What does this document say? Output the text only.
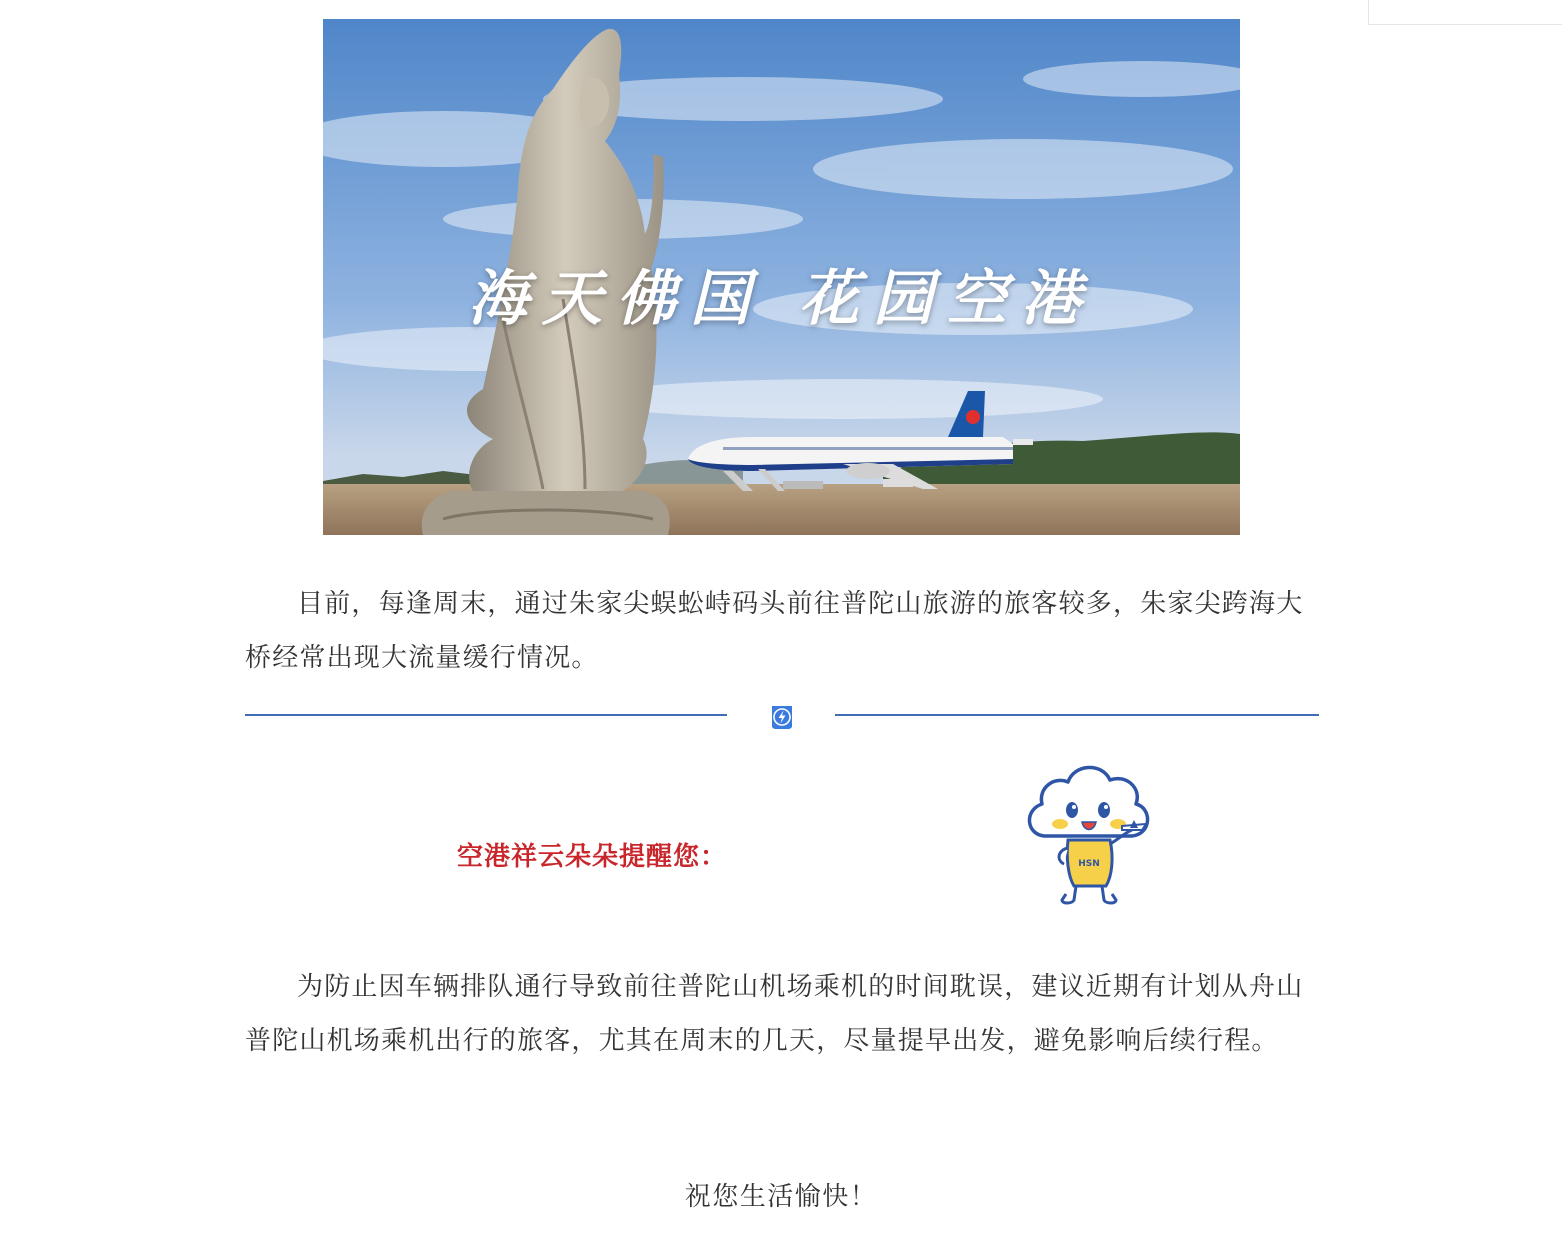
海天佛国 花园空港

目前，每逢周末，通过朱家尖蜈蚣峙码头前往普陀山旅游的旅客较多，朱家尖跨海大桥经常出现大流量缓行情况。

空港祥云朵朵提醒您：	HSN

为防止因车辆排队通行导致前往普陀山机场乘机的时间耽误，建议近期有计划从舟山普陀山机场乘机出行的旅客，尤其在周末的几天，尽量提早出发，避免影响后续行程。

祝您生活愉快！
